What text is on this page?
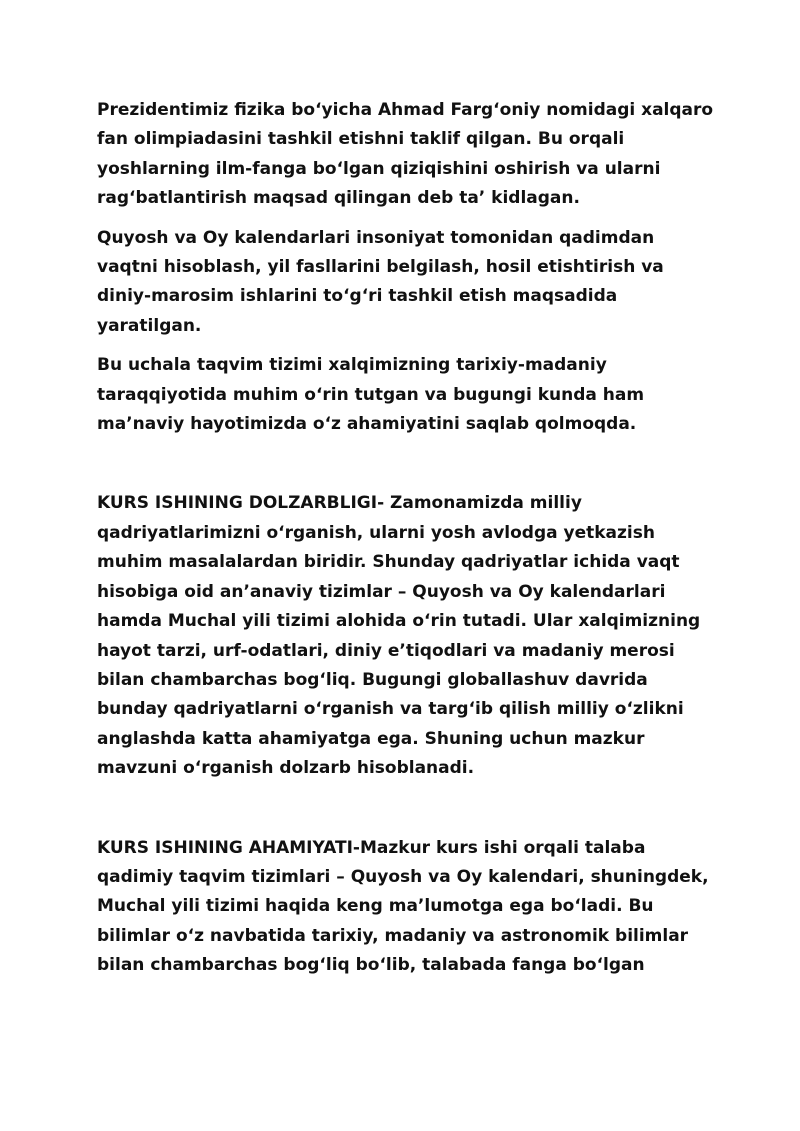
Prezidentimiz fizika bo‘yicha Ahmad Farg‘oniy nomidagi xalqaro
fan olimpiadasini tashkil etishni taklif qilgan. Bu orqali
yoshlarning ilm-fanga bo‘lgan qiziqishini oshirish va ularni
rag‘batlantirish maqsad qilingan deb ta’ kidlagan.

Quyosh va Oy kalendarlari insoniyat tomonidan qadimdan
vaqtni hisoblash, yil fasllarini belgilash, hosil etishtirish va
diniy-marosim ishlarini to‘g‘ri tashkil etish maqsadida
yaratilgan.

Bu uchala taqvim tizimi xalqimizning tarixiy-madaniy
taraqqiyotida muhim o‘rin tutgan va bugungi kunda ham
ma’naviy hayotimizda o‘z ahamiyatini saqlab qolmoqda.

KURS ISHINING DOLZARBLIGI- Zamonamizda milliy
qadriyatlarimizni o‘rganish, ularni yosh avlodga yetkazish
muhim masalalardan biridir. Shunday qadriyatlar ichida vaqt
hisobiga oid an’anaviy tizimlar – Quyosh va Oy kalendarlari
hamda Muchal yili tizimi alohida o‘rin tutadi. Ular xalqimizning
hayot tarzi, urf-odatlari, diniy e’tiqodlari va madaniy merosi
bilan chambarchas bog‘liq. Bugungi globallashuv davrida
bunday qadriyatlarni o‘rganish va targ‘ib qilish milliy o‘zlikni
anglashda katta ahamiyatga ega. Shuning uchun mazkur
mavzuni o‘rganish dolzarb hisoblanadi.

KURS ISHINING AHAMIYATI-Mazkur kurs ishi orqali talaba
qadimiy taqvim tizimlari – Quyosh va Oy kalendari, shuningdek,
Muchal yili tizimi haqida keng ma’lumotga ega bo‘ladi. Bu
bilimlar o‘z navbatida tarixiy, madaniy va astronomik bilimlar
bilan chambarchas bog‘liq bo‘lib, talabada fanga bo‘lgan
